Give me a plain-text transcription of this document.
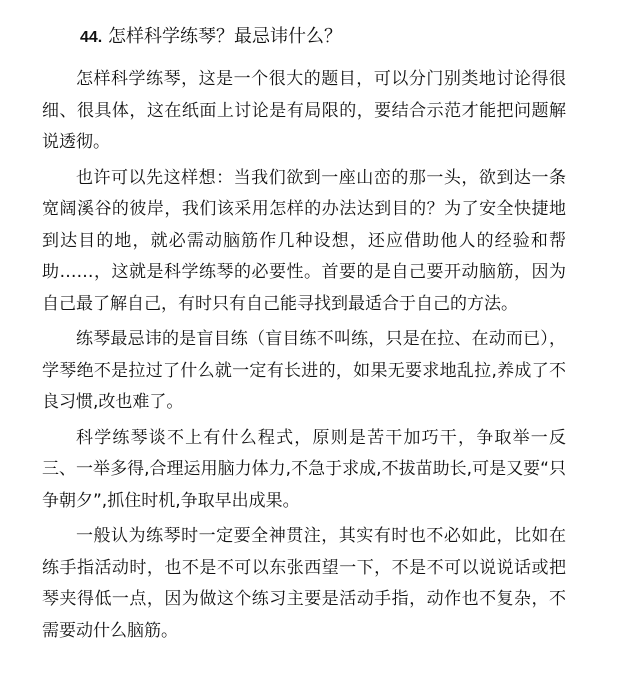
44. 怎样科学练琴？最忌讳什么？

怎样科学练琴，这是一个很大的题目，可以分门别类地讨论得很细、很具体，这在纸面上讨论是有局限的，要结合示范才能把问题解说透彻。

也许可以先这样想：当我们欲到一座山峦的那一头，欲到达一条宽阔溪谷的彼岸，我们该采用怎样的办法达到目的？为了安全快捷地到达目的地，就必需动脑筋作几种设想，还应借助他人的经验和帮助……，这就是科学练琴的必要性。首要的是自己要开动脑筋，因为自己最了解自己，有时只有自己能寻找到最适合于自己的方法。

练琴最忌讳的是盲目练（盲目练不叫练，只是在拉、在动而已），学琴绝不是拉过了什么就一定有长进的，如果无要求地乱拉,养成了不良习惯,改也难了。

科学练琴谈不上有什么程式，原则是苦干加巧干，争取举一反三、一举多得,合理运用脑力体力,不急于求成,不拔苗助长,可是又要“只争朝夕”,抓住时机,争取早出成果。

一般认为练琴时一定要全神贯注，其实有时也不必如此，比如在练手指活动时，也不是不可以东张西望一下，不是不可以说说话或把琴夹得低一点，因为做这个练习主要是活动手指，动作也不复杂，不需要动什么脑筋。
